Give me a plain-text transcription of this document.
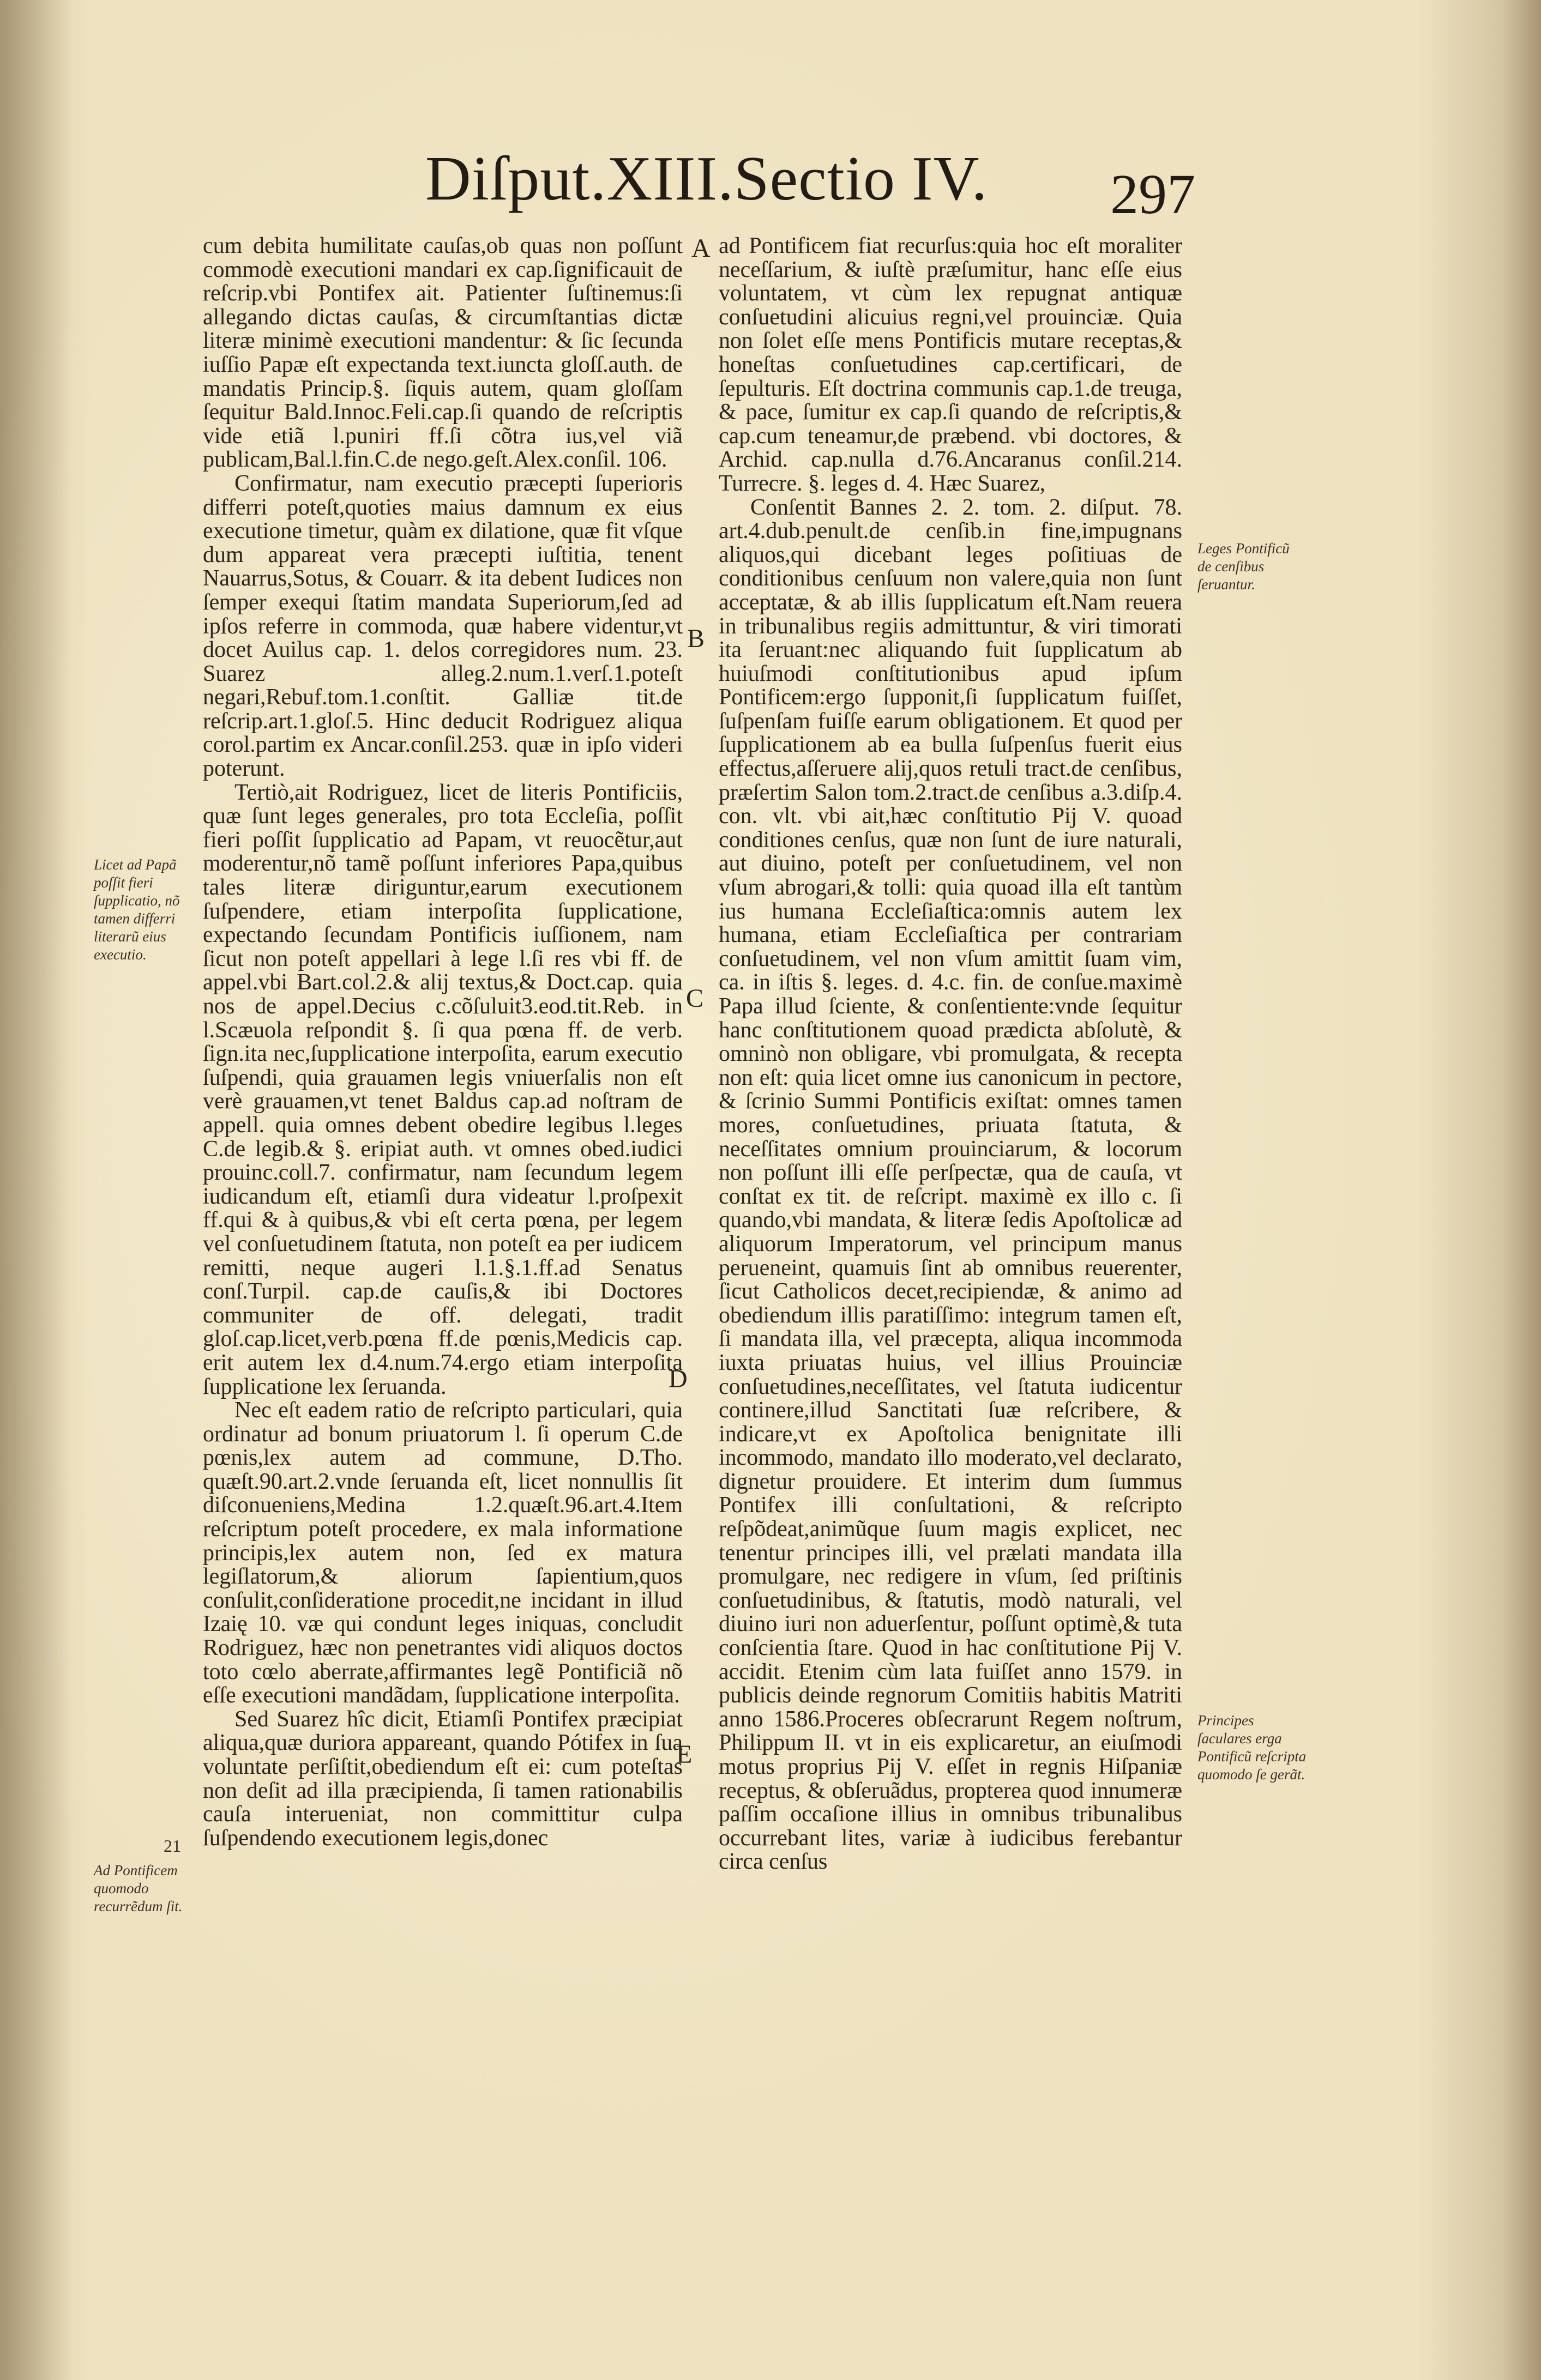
Diſput.XIII.Sectio IV. 297

cum debita humilitate cauſas,ob quas non poſſunt commodè executioni mandari ex cap.ſignificauit de reſcrip.vbi Pontifex ait. Patienter ſuſtinemus:ſi allegando dictas cauſas, & circumſtantias dictæ literæ minimè executioni mandentur: & ſic ſecunda iuſſio Papæ eſt expectanda text.iuncta gloſſ.auth. de mandatis Princip.§. ſiquis autem, quam gloſſam ſequitur Bald.Innoc.Feli.cap.ſi quando de reſcriptis vide etiã l.puniri ff.ſi cõtra ius,vel viã publicam,Bal.l.fin.C.de nego.geſt.Alex.conſil. 106.

Confirmatur, nam executio præcepti ſuperioris differri poteſt,quoties maius damnum ex eius executione timetur, quàm ex dilatione, quæ fit vſque dum appareat vera præcepti iuſtitia, tenent Nauarrus,Sotus, & Couarr. & ita debent Iudices non ſemper exequi ſtatim mandata Superiorum,ſed ad ipſos referre in commoda, quæ habere videntur,vt docet Auilus cap. 1. delos corregidores num. 23. Suarez alleg.2.num.1.verſ.1.poteſt negari,Rebuf.tom.1.conſtit. Galliæ tit.de reſcrip.art.1.gloſ.5. Hinc deducit Rodriguez aliqua corol.partim ex Ancar.conſil.253. quæ in ipſo videri poterunt.

Tertiò,ait Rodriguez, licet de literis Pontificiis, quæ ſunt leges generales, pro tota Eccleſia, poſſit fieri poſſit ſupplicatio ad Papam, vt reuocẽtur,aut moderentur,nõ tamẽ poſſunt inferiores Papa,quibus tales literæ diriguntur,earum executionem ſuſpendere, etiam interpoſita ſupplicatione, expectando ſecundam Pontificis iuſſionem, nam ſicut non poteſt appellari à lege l.ſi res vbi ff. de appel.vbi Bart.col.2.& alij textus,& Doct.cap. quia nos de appel.Decius c.cõſuluit3.eod.tit.Reb. in l.Scæuola reſpondit §. ſi qua pœna ff. de verb. ſign.ita nec,ſupplicatione interpoſita, earum executio ſuſpendi, quia grauamen legis vniuerſalis non eſt verè grauamen,vt tenet Baldus cap.ad noſtram de appell. quia omnes debent obedire legibus l.leges C.de legib.& §. eripiat auth. vt omnes obed.iudici prouinc.coll.7. confirmatur, nam ſecundum legem iudicandum eſt, etiamſi dura videatur l.proſpexit ff.qui & à quibus,& vbi eſt certa pœna, per legem vel conſuetudinem ſtatuta, non poteſt ea per iudicem remitti, neque augeri l.1.§.1.ff.ad Senatus conſ.Turpil. cap.de cauſis,& ibi Doctores communiter de off. delegati, tradit gloſ.cap.licet,verb.pœna ff.de pœnis,Medicis cap. erit autem lex d.4.num.74.ergo etiam interpoſita ſupplicatione lex ſeruanda.

Nec eſt eadem ratio de reſcripto particulari, quia ordinatur ad bonum priuatorum l. ſi operum C.de pœnis,lex autem ad commune, D.Tho. quæſt.90.art.2.vnde ſeruanda eſt, licet nonnullis ſit diſconueniens,Medina 1.2.quæſt.96.art.4.Item reſcriptum poteſt procedere, ex mala informatione principis,lex autem non, ſed ex matura legiſlatorum,& aliorum ſapientium,quos conſulit,conſideratione procedit,ne incidant in illud Izaię 10. væ qui condunt leges iniquas, concludit Rodriguez, hæc non penetrantes vidi aliquos doctos toto cœlo aberrate,affirmantes legẽ Pontificiã nõ eſſe executioni mandãdam, ſupplicatione interpoſita.

Sed Suarez hîc dicit, Etiamſi Pontifex præcipiat aliqua,quæ duriora appareant, quando Pótifex in ſua voluntate perſiſtit,obediendum eſt ei: cum poteſtas non deſit ad illa præcipienda, ſi tamen rationabilis cauſa interueniat, non committitur culpa ſuſpendendo executionem legis,donec

ad Pontificem fiat recurſus:quia hoc eſt moraliter neceſſarium, & iuſtè præſumitur, hanc eſſe eius voluntatem, vt cùm lex repugnat antiquæ conſuetudini alicuius regni,vel prouinciæ. Quia non ſolet eſſe mens Pontificis mutare receptas,& honeſtas conſuetudines cap.certificari, de ſepulturis. Eſt doctrina communis cap.1.de treuga, & pace, ſumitur ex cap.ſi quando de reſcriptis,& cap.cum teneamur,de præbend. vbi doctores, & Archid. cap.nulla d.76.Ancaranus conſil.214. Turrecre. §. leges d. 4. Hæc Suarez,

Conſentit Bannes 2. 2. tom. 2. diſput. 78. art.4.dub.penult.de cenſib.in fine,impugnans aliquos,qui dicebant leges poſitiuas de conditionibus cenſuum non valere,quia non ſunt acceptatæ, & ab illis ſupplicatum eſt.Nam reuera in tribunalibus regiis admittuntur, & viri timorati ita ſeruant:nec aliquando fuit ſupplicatum ab huiuſmodi conſtitutionibus apud ipſum Pontificem:ergo ſupponit,ſi ſupplicatum fuiſſet, ſuſpenſam fuiſſe earum obligationem. Et quod per ſupplicationem ab ea bulla ſuſpenſus fuerit eius effectus,aſſeruere alij,quos retuli tract.de cenſibus, præſertim Salon tom.2.tract.de cenſibus a.3.diſp.4. con. vlt. vbi ait,hæc conſtitutio Pij V. quoad conditiones cenſus, quæ non ſunt de iure naturali, aut diuino, poteſt per conſuetudinem, vel non vſum abrogari,& tolli: quia quoad illa eſt tantùm ius humana Eccleſiaſtica:omnis autem lex humana, etiam Eccleſiaſtica per contrariam conſuetudinem, vel non vſum amittit ſuam vim, ca. in iſtis §. leges. d. 4.c. fin. de conſue.maximè Papa illud ſciente, & conſentiente:vnde ſequitur hanc conſtitutionem quoad prædicta abſolutè, & omninò non obligare, vbi promulgata, & recepta non eſt: quia licet omne ius canonicum in pectore, & ſcrinio Summi Pontificis exiſtat: omnes tamen mores, conſuetudines, priuata ſtatuta, & neceſſitates omnium prouinciarum, & locorum non poſſunt illi eſſe perſpectæ, qua de cauſa, vt conſtat ex tit. de reſcript. maximè ex illo c. ſi quando,vbi mandata, & literæ ſedis Apoſtolicæ ad aliquorum Imperatorum, vel principum manus perueneint, quamuis ſint ab omnibus reuerenter, ſicut Catholicos decet,recipiendæ, & animo ad obediendum illis paratiſſimo: integrum tamen eſt, ſi mandata illa, vel præcepta, aliqua incommoda iuxta priuatas huius, vel illius Prouinciæ conſuetudines,neceſſitates, vel ſtatuta iudicentur continere,illud Sanctitati ſuæ reſcribere, & indicare,vt ex Apoſtolica benignitate illi incommodo, mandato illo moderato,vel declarato, dignetur prouidere. Et interim dum ſummus Pontifex illi conſultationi, & reſcripto reſpõdeat,animũque ſuum magis explicet, nec tenentur principes illi, vel prælati mandata illa promulgare, nec redigere in vſum, ſed priſtinis conſuetudinibus, & ſtatutis, modò naturali, vel diuino iuri non aduerſentur, poſſunt optimè,& tuta conſcientia ſtare. Quod in hac conſtitutione Pij V. accidit. Etenim cùm lata fuiſſet anno 1579. in publicis deinde regnorum Comitiis habitis Matriti anno 1586.Proceres obſecrarunt Regem noſtrum, Philippum II. vt in eis explicaretur, an eiuſmodi motus proprius Pij V. eſſet in regnis Hiſpaniæ receptus, & obſeruãdus, propterea quod innumeræ paſſim occaſione illius in omnibus tribunalibus occurrebant lites, variæ à iudicibus ferebantur circa cenſus

A
B
C
D
E
Licet ad Papã poſſit fieri ſupplicatio, nõ tamen differri literarũ eius executio.
21
Ad Pontificem quomodo recurrẽdum ſit.
Leges Pontificũ de cenſibus ſeruantur.
Principes ſaculares erga Pontificũ reſcripta quomodo ſe gerãt.
